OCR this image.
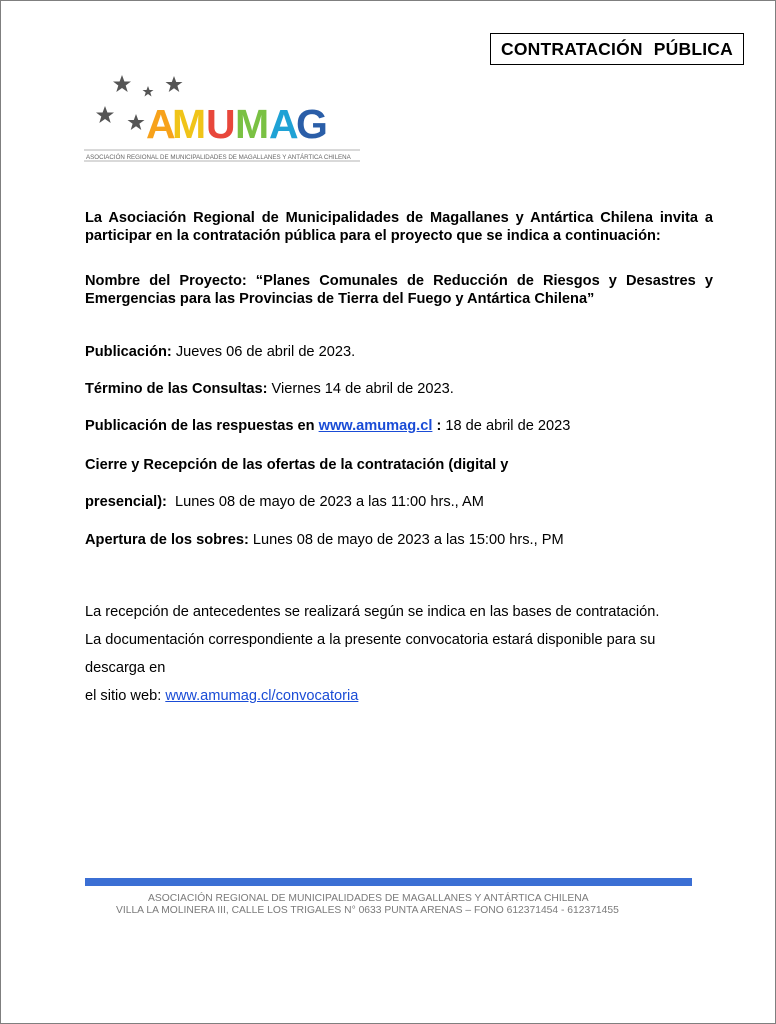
CONTRATACIÓN PÚBLICA
A
M U M A
G
ASOCIACIÓN REGIONAL DE MUNICIPALIDADES DE MAGALLANES Y ANTÁRTICA CHILENA
La Asociación Regional de Municipalidades de Magallanes y Antártica Chilena invita a participar en la contratación pública para el proyecto que se indica a continuación:
Nombre del Proyecto: “Planes Comunales de Reducción de Riesgos y Desastres y Emergencias para las Provincias de Tierra del Fuego y Antártica Chilena”
Publicación: Jueves 06 de abril de 2023.
Término de las Consultas: Viernes 14 de abril de 2023.
Publicación de las respuestas en www.amumag.cl : 18 de abril de 2023
Cierre y Recepción de las ofertas de la contratación (digital y
presencial):  Lunes 08 de mayo de 2023 a las 11:00 hrs., AM
Apertura de los sobres: Lunes 08 de mayo de 2023 a las 15:00 hrs., PM
La recepción de antecedentes se realizará según se indica en las bases de contratación.
La documentación correspondiente a la presente convocatoria estará disponible para su descarga en
el sitio web: www.amumag.cl/convocatoria
ASOCIACIÓN REGIONAL DE MUNICIPALIDADES DE MAGALLANES Y ANTÁRTICA CHILENA
VILLA LA MOLINERA III, CALLE LOS TRIGALES N° 0633 PUNTA ARENAS – FONO 612371454 - 612371455
